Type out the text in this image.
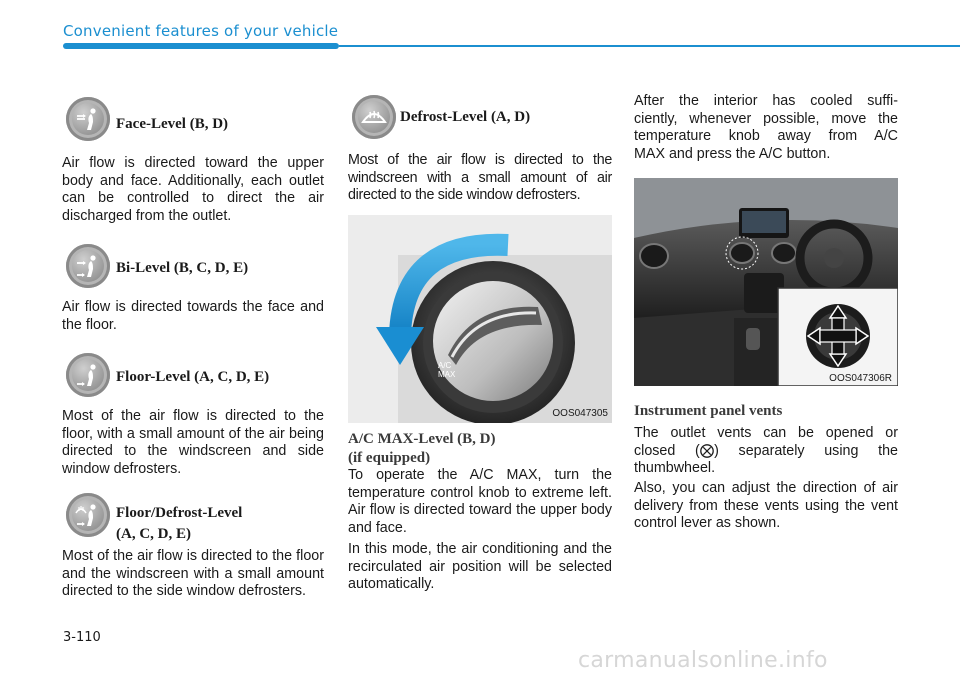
Convenient features of your vehicle
Face-Level (B, D)
Air flow is directed toward the upper body and face. Additionally, each outlet can be controlled to direct the air discharged from the outlet.
Bi-Level (B, C, D, E)
Air flow is directed towards the face and the floor.
Floor-Level (A, C, D, E)
Most of the air flow is directed to the floor, with a small amount of the air being directed to the windscreen and side window defrosters.
Floor/Defrost-Level
(A, C, D, E)
Most of the air flow is directed to the floor and the windscreen with a small amount directed to the side window defrosters.
Defrost-Level (A, D)
Most of the air flow is directed to the windscreen with a small amount of air directed to the side window defrosters.
A/C
MAX
OOS047305
A/C MAX-Level (B, D)
(if equipped)
To operate the A/C MAX, turn the temperature control knob to extreme left. Air flow is directed toward the upper body and face.
In this mode, the air conditioning and the recirculated air position will be selected automatically.
After the interior has cooled suffi-
ciently, whenever possible, move the
temperature knob away from A/C
MAX and press the A/C button.
OOS047306R
Instrument panel vents
The outlet vents can be opened or
closed (⨂) separately using the
thumbwheel.
Also, you can adjust the direction of air delivery from these vents using the vent control lever as shown.
3-110
carmanualsonline.info
